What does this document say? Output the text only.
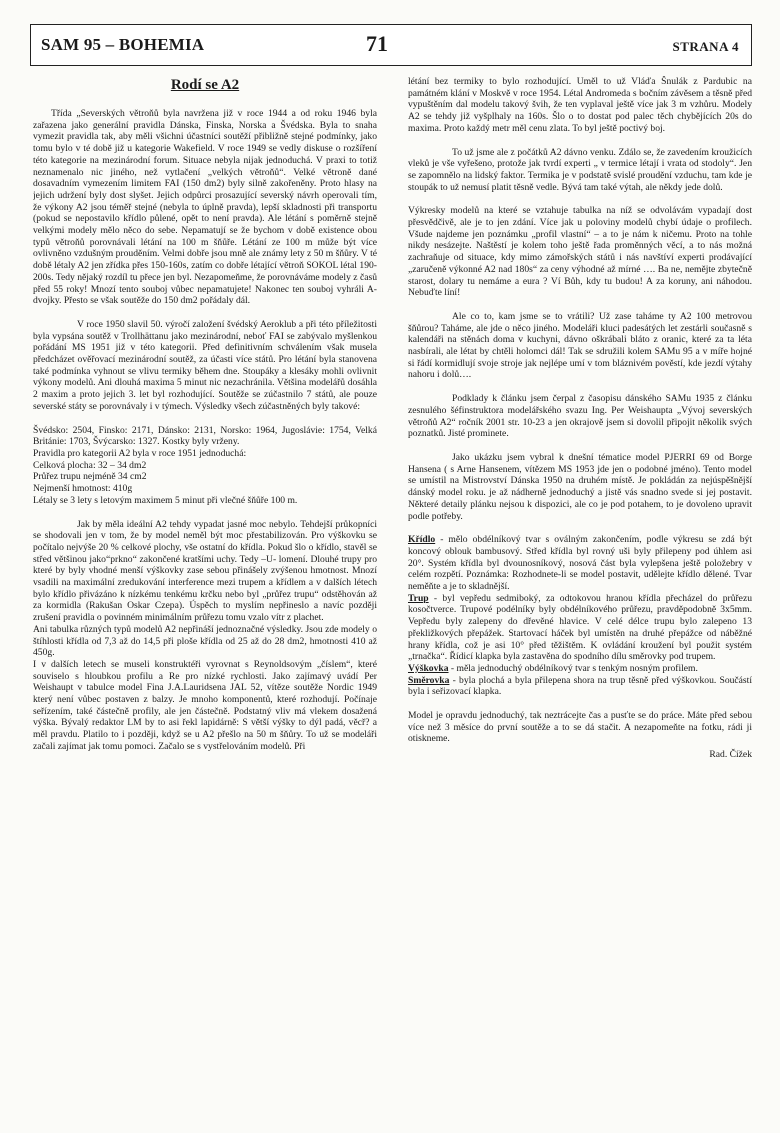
SAM 95 – BOHEMIA	71	STRANA 4
Rodí se A2

Třída „Severských větroňů byla navržena již v roce 1944 a od roku 1946 byla zařazena jako generální pravidla Dánska, Finska, Norska a Švédska. Byla to snaha vymezit pravidla tak, aby měli všichni účastníci soutěží přibližně stejné podmínky, jako tomu bylo v té době již u kategorie Wakefield. V roce 1949 se vedly diskuse o rozšíření této kategorie na mezinárodní forum. Situace nebyla nijak jednoduchá. V praxi to totiž neznamenalo nic jiného, než vytlačení „velkých větroňů“. Velké větroně dané dosavadním vymezením limitem FAI (150 dm2) byly silně zakořeněny. Proto hlasy na jejich udržení byly dost slyšet. Jejich odpůrci prosazující severský návrh operovali tím, že výkony A2 jsou téměř stejné (nebyla to úplně pravda), lepší skladnosti při transportu (pokud se nepostavilo křídlo půlené, opět to není pravda). Ale létání s poměrně stejně velkými modely mělo něco do sebe. Nepamatují se že bychom v době existence obou typů větroňů porovnávali létání na 100 m šňůře. Létání ze 100 m může být více ovlivněno vzdušným prouděním. Velmi dobře jsou mně ale známy lety z 50 m šňůry. V té době létaly A2 jen zřídka přes 150-160s, zatím co dobře létající větroň SOKOL létal 190-200s. Tedy nějaký rozdíl tu přece jen byl. Nezapomeňme, že porovnáváme modely z časů před 55 roky! Mnozí tento souboj vůbec nepamatujete! Nakonec ten souboj vyhráli A-dvojky. Přesto se však soutěže do 150 dm2 pořádaly dál.

V roce 1950 slavil 50. výročí založení švédský Aeroklub a při této příležitosti byla vypsána soutěž v Trollhättanu jako mezinárodní, neboť FAI se zabývalo myšlenkou pořádání MS 1951 již v této kategorii. Před definitivním schválením však musela předcházet ověřovací mezinárodní soutěž, za účasti více států. Pro létání byla stanovena také podmínka vyhnout se vlivu termiky během dne. Stoupáky a klesáky mohli ovlivnit výkony modelů. Ani dlouhá maxima 5 minut nic nezachránila. Většina modelářů dosáhla 2 maxim a proto jejich 3. let byl rozhodující. Soutěže se zúčastnilo 7 států, ale pouze severské státy se porovnávaly i v týmech. Výsledky všech zúčastněných byly takové:

Švédsko: 2504, Finsko: 2171, Dánsko: 2131, Norsko: 1964, Jugoslávie: 1754, Velká Británie: 1703, Švýcarsko: 1327. Kostky byly vrženy.
Pravidla pro kategorii A2 byla v roce 1951 jednoduchá:
Celková plocha: 32 – 34 dm2
Průřez trupu nejméně 34 cm2
Nejmenší hmotnost: 410g
Létaly se 3 lety s letovým maximem 5 minut při vlečné šňůře 100 m.

Jak by měla ideální A2 tehdy vypadat jasné moc nebylo. Tehdejší průkopníci se shodovali jen v tom, že by model neměl být moc přestabilizován. Pro výškovku se počítalo nejvýše 20 % celkové plochy, vše ostatní do křídla. Pokud šlo o křídlo, stavěl se střed většinou jako“prkno“ zakončené kratšími uchy. Tedy –U- lomení. Dlouhé trupy pro které by byly vhodné menší výškovky zase sebou přinášely zvýšenou hmotnost. Mnozí vsadili na maximální zredukování interference mezi trupem a křídlem a v dalších létech bylo křídlo přivázáno k nízkému tenkému krčku nebo byl „průřez trupu“ odstěhován až za kormidla (Rakušan Oskar Czepa). Úspěch to myslím nepřineslo a navíc později zrušení pravidla o povinném minimálním průřezu tomu vzalo vítr z plachet.

Ani tabulka různých typů modelů A2 nepřináší jednoznačné výsledky. Jsou zde modely o štíhlosti křídla od 7,3 až do 14,5 při ploše křídla od 25 až do 28 dm2, hmotnosti 410 až 450g.

I v dalších letech se museli konstruktéři vyrovnat s Reynoldsovým „číslem“, které souviselo s hloubkou profilu a Re pro nízké rychlosti. Jako zajímavý uvádí Per Weishaupt v tabulce model Fina J.A.Lauridsena JAL 52, vítěze soutěže Nordic 1949 který není vůbec postaven z balzy. Je mnoho komponentů, které rozhodují. Počínaje seřízením, také částečně profily, ale jen částečně. Podstatný vliv má vlekem dosažená výška. Bývalý redaktor LM by to asi řekl lapidárně: S větší výšky to dýl padá, věcř? a měl pravdu. Platilo to i později, když se u A2 přešlo na 50 m šňůry. To už se modeláři začali zajímat jak tomu pomoci. Začalo se s vystřelováním modelů. Při

létání bez termiky to bylo rozhodující. Uměl to už Vláďa Šnulák z Pardubic na památném klání v Moskvě v roce 1954. Létal Andromeda s bočním závěsem a těsně před vypuštěním dal modelu takový švih, že ten vyplaval ještě více jak 3 m vzhůru. Modely A2 se tehdy již vyšplhaly na 160s. Šlo o to dostat pod palec těch chybějících 20s do maxima. Proto každý metr měl cenu zlata. To byl ještě poctivý boj.

To už jsme ale z počátků A2 dávno venku. Zdálo se, že zavedením kroužicích vleků je vše vyřešeno, protože jak tvrdí experti „ v termice létají i vrata od stodoly“. Jen se zapomnělo na lidský faktor. Termika je v podstatě svislé proudění vzduchu, tam kde je stoupák to už nemusí platit těsně vedle. Bývá tam také výtah, ale někdy jede dolů.

Výkresky modelů na které se vztahuje tabulka na níž se odvolávám vypadají dost přesvědčivě, ale je to jen zdání. Více jak u poloviny modelů chybí údaje o profilech. Všude najdeme jen poznámku „profil vlastní“ – a to je nám k ničemu. Proto na tohle nikdy nesázejte. Naštěstí je kolem toho ještě řada proměnných věcí, a to nás možná zachraňuje od situace, kdy mimo zámořských států i nás navštíví experti prodávající „zaručeně výkonné A2 nad 180s“ za ceny výhodné až mírné …. Ba ne, nemějte zbytečně starost, dolary tu nemáme a eura ? Ví Bůh, kdy tu budou! A za koruny, ani náhodou. Nebuďte líní!

Ale co to, kam jsme se to vrátili? Už zase taháme ty A2 100 metrovou šňůrou? Taháme, ale jde o něco jiného. Modeláři kluci padesátých let zestárli současně s kalendáři na stěnách doma v kuchyni, dávno oškrábali bláto z oranic, které za ta léta nasbírali, ale létat by chtěli holomci dál! Tak se sdružili kolem SAMu 95 a v míře hojné si řádí kormidlují svoje stroje jak nejlépe umí v tom bláznivém pověstí, kde jezdí výtahy nahoru i dolů….

Podklady k článku jsem čerpal z časopisu dánského SAMu 1935 z článku zesnulého šéfinstruktora modelářského svazu Ing. Per Weishaupta „Vývoj severských větroňů A2“ ročník 2001 str. 10-23 a jen okrajově jsem si dovolil připojit několik svých poznatků. Jisté prominete.

Jako ukázku jsem vybral k dnešní tématice model PJERRI 69 od Borge Hansena ( s Arne Hansenem, vítězem MS 1953 jde jen o podobné jméno). Tento model se umístil na Mistrovství Dánska 1950 na druhém místě. Je pokládán za nejúspěšnější dánský model roku. je až nádherně jednoduchý a jistě vás snadno svede si jej postavit. Některé detaily plánku nejsou k dispozici, ale co je pod potahem, to je dovoleno upravit podle potřeby.

Křídlo - mělo obdélníkový tvar s oválným zakončením, podle výkresu se zdá být koncový oblouk bambusový. Střed křídla byl rovný uši byly přilepeny pod úhlem asi 20°. Systém křídla byl dvounosníkový, nosová část byla vylepšena ještě položebry v celém rozpětí. Poznámka: Rozhodnete-li se model postavit, udělejte křídlo dělené. Tvar neměňte a je to skladnější.

Trup - byl vepředu sedmiboký, za odtokovou hranou křídla přecházel do průřezu kosočtverce. Trupové podélníky byly obdélníkového průřezu, pravděpodobně 3x5mm. Vepředu byly zalepeny do dřevěné hlavice. V celé délce trupu bylo zalepeno 13 překližkových přepážek. Startovací háček byl umístěn na druhé přepážce od náběžné hrany křídla, což je asi 10° před těžištěm. K ovládání kroužení byl použit systém „trnačka“. Řídicí klapka byla zastavěna do spodního dílu směrovky pod trupem.

Výškovka - měla jednoduchý obdélníkový tvar s tenkým nosným profilem.

Směrovka - byla plochá a byla přilepena shora na trup těsně před výškovkou. Součástí byla i seřizovací klapka.

Model je opravdu jednoduchý, tak neztrácejte čas a pusťte se do práce. Máte před sebou více než 3 měsíce do první soutěže a to se dá stačit. A nezapomeňte na fotku, rádi ji otiskneme.

Rad. Čížek
